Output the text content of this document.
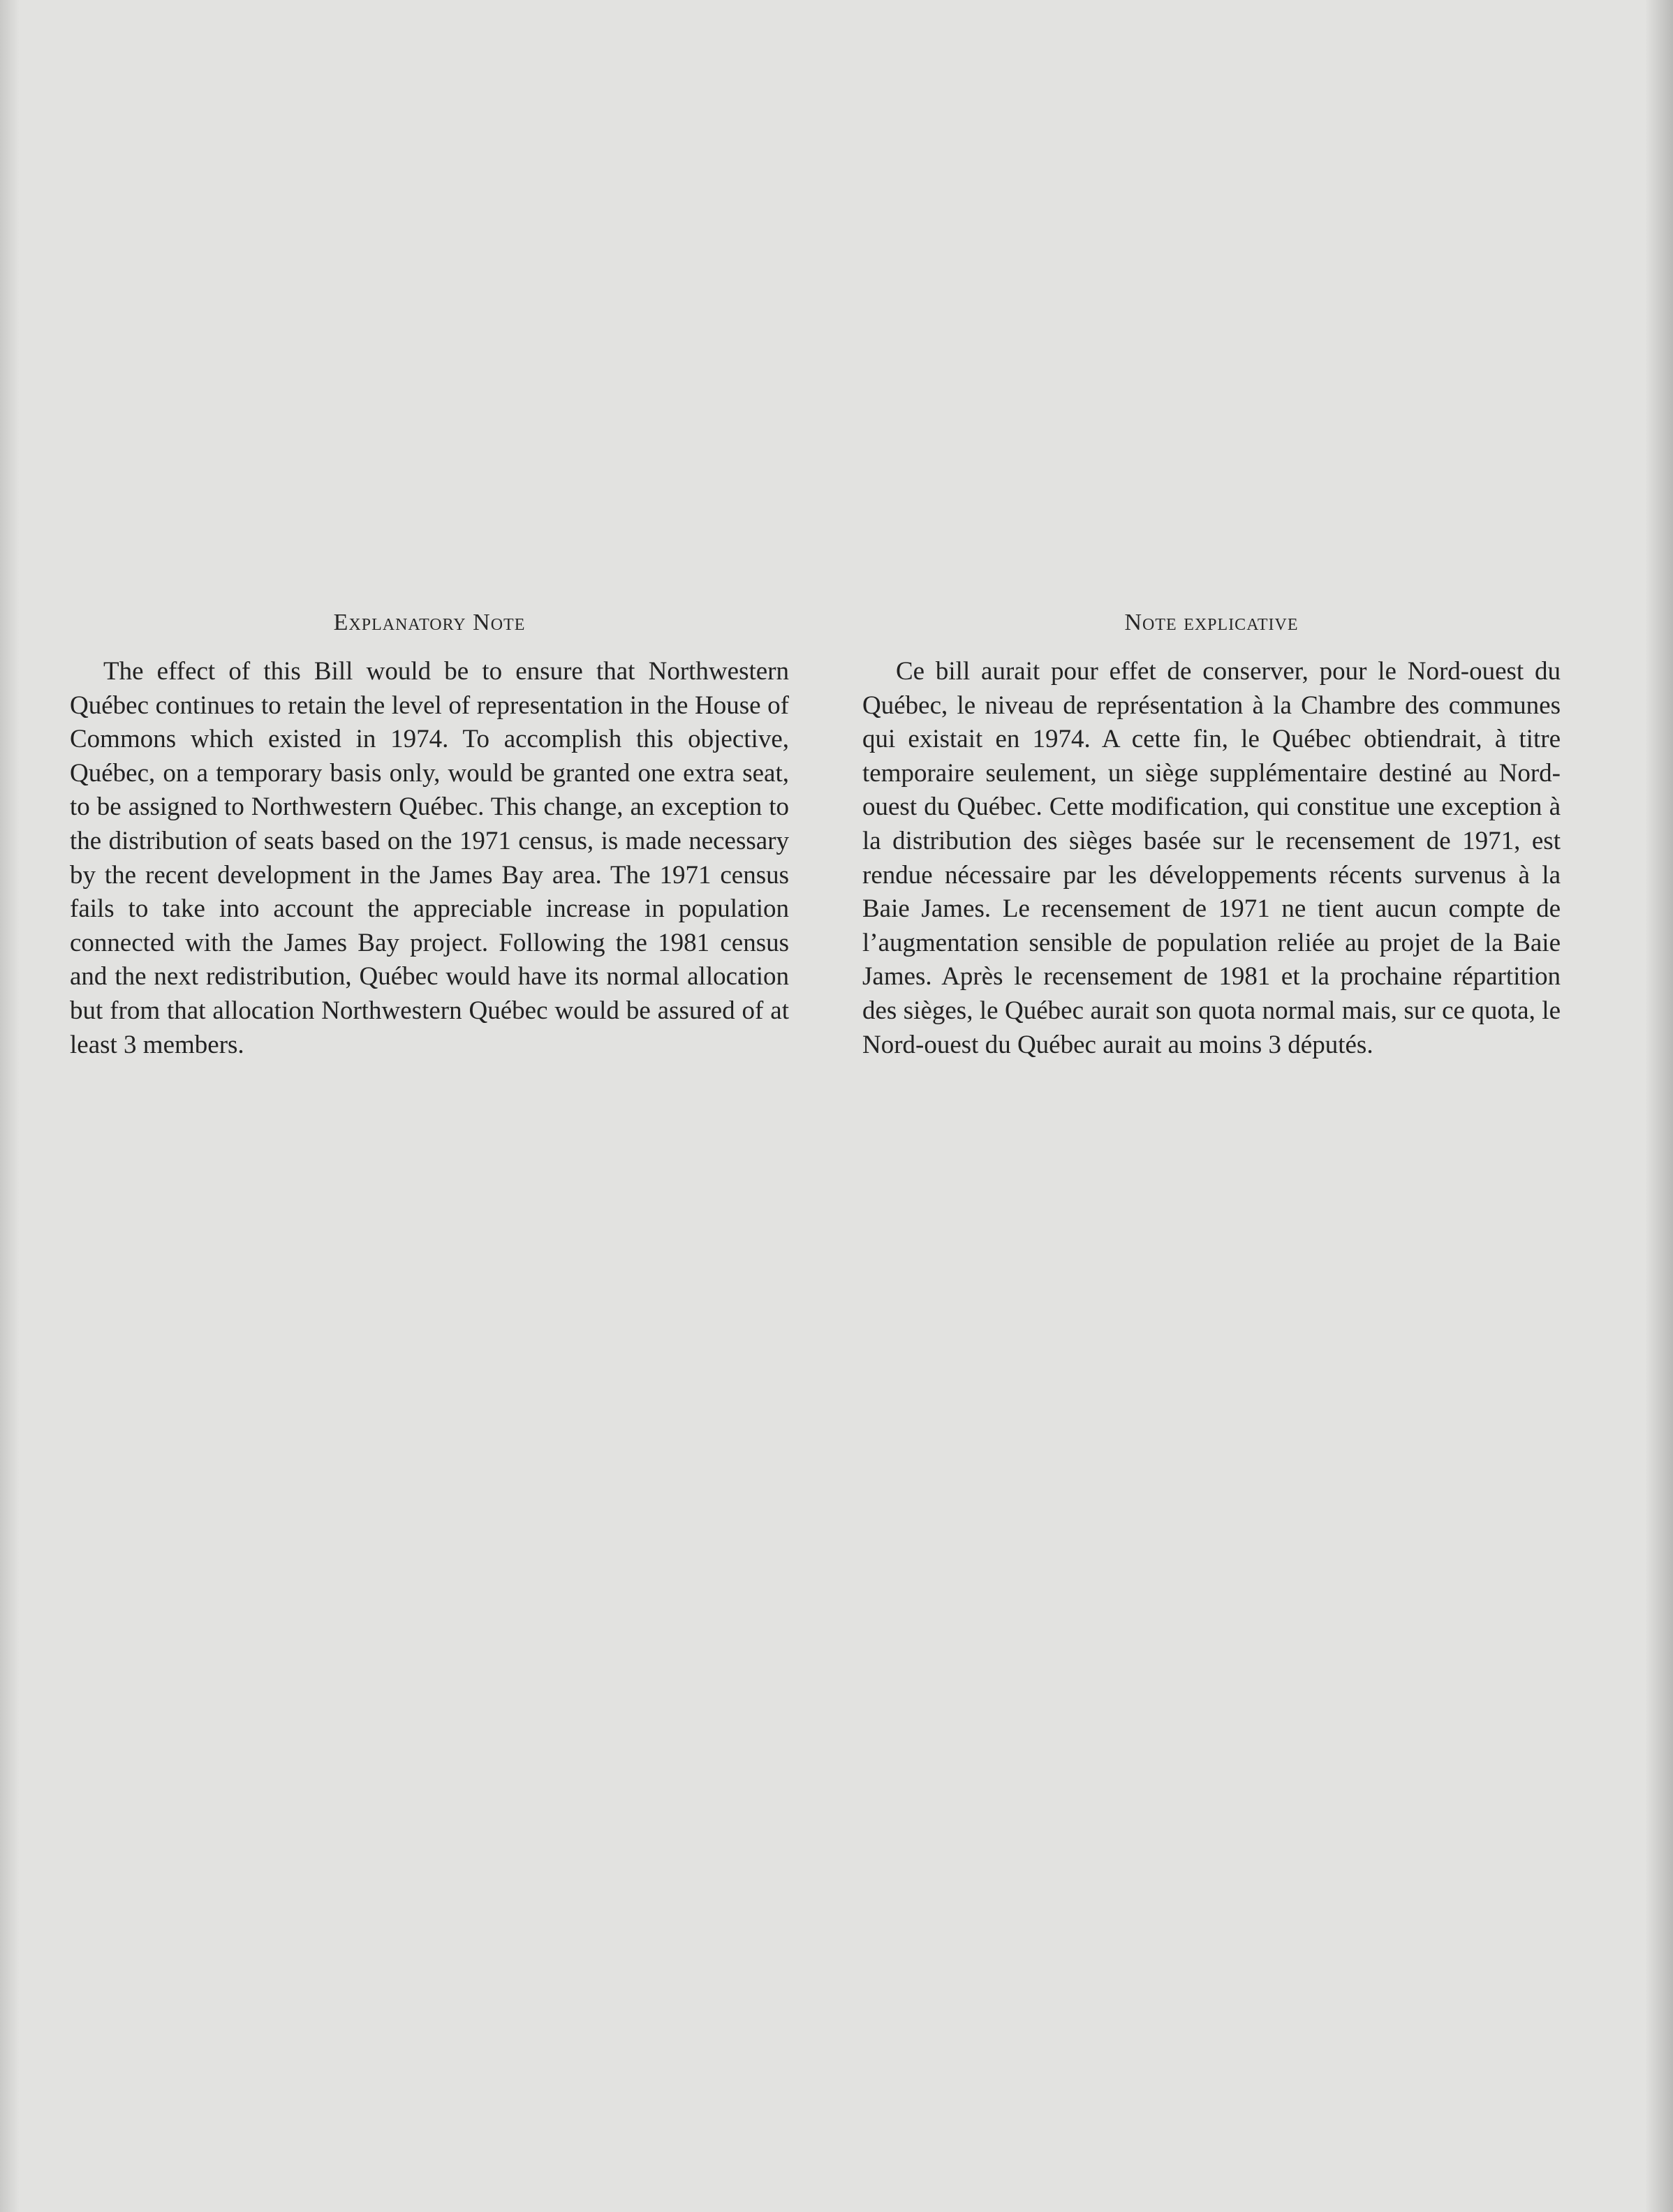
Explanatory Note

The effect of this Bill would be to ensure that Northwestern Québec continues to retain the level of representation in the House of Commons which existed in 1974. To accomplish this objective, Québec, on a temporary basis only, would be granted one extra seat, to be assigned to Northwestern Québec. This change, an exception to the distribution of seats based on the 1971 census, is made necessary by the recent development in the James Bay area. The 1971 census fails to take into account the appreciable increase in population connected with the James Bay project. Following the 1981 census and the next redistribution, Québec would have its normal allocation but from that allocation Northwestern Québec would be assured of at least 3 members.

Note explicative

Ce bill aurait pour effet de conserver, pour le Nord-ouest du Québec, le niveau de représentation à la Chambre des communes qui existait en 1974. A cette fin, le Québec obtiendrait, à titre temporaire seulement, un siège supplémentaire destiné au Nord-ouest du Québec. Cette modification, qui constitue une exception à la distribution des sièges basée sur le recensement de 1971, est rendue nécessaire par les développements récents survenus à la Baie James. Le recensement de 1971 ne tient aucun compte de l’augmentation sensible de population reliée au projet de la Baie James. Après le recensement de 1981 et la prochaine répartition des sièges, le Québec aurait son quota normal mais, sur ce quota, le Nord-ouest du Québec aurait au moins 3 députés.
